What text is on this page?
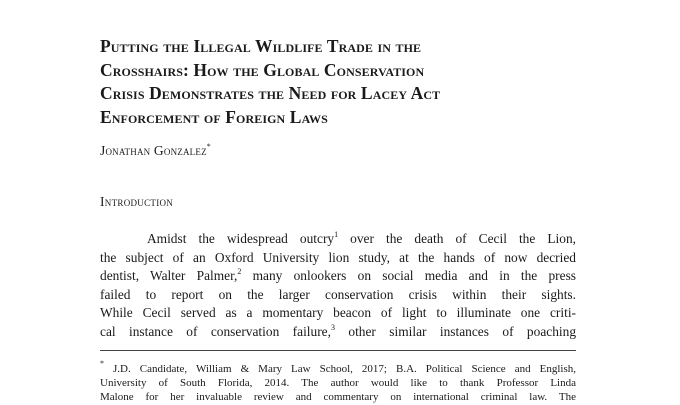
Putting the Illegal Wildlife Trade in the
Crosshairs: How the Global Conservation
Crisis Demonstrates the Need for Lacey Act
Enforcement of Foreign Laws
Jonathan Gonzalez*
Introduction
Amidst the widespread outcry$^1$ over the death of Cecil the Lion,
the subject of an Oxford University lion study, at the hands of now decried
dentist, Walter Palmer,$^2$ many onlookers on social media and in the press
failed to report on the larger conservation crisis within their sights.
While Cecil served as a momentary beacon of light to illuminate one criti-
cal instance of conservation failure,$^3$ other similar instances of poaching
* J.D. Candidate, William & Mary Law School, 2017; B.A. Political Science and English,
University of South Florida, 2014. The author would like to thank Professor Linda
Malone for her invaluable review and commentary on international criminal law. The
